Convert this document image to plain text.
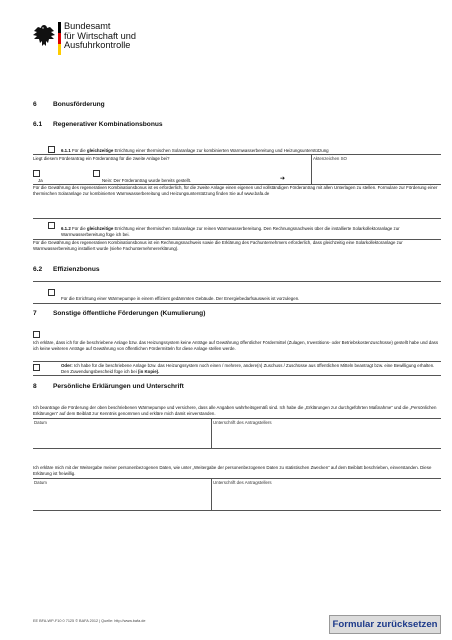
Bundesamt
für Wirtschaft und
Ausfuhrkontrolle
6 Bonusförderung
6.1 Regenerativer Kombinationsbonus
6.1.1 Für die gleichzeitige Errichtung einer thermischen Solaranlage zur kombinierten Warmwasserbereitung und Heizungsunterstützung
Liegt diesem Förderantrag ein Förderantrag für die zweite Anlage bei?	Aktenzeichen SO
Ja	Nein: Der Förderantrag wurde bereits gestellt.	➔
Für die Gewährung des regenerativen Kombinationsbonus ist es erforderlich, für die zweite Anlage einen eigenen und vollständigen Förderantrag mit allen Unterlagen zu stellen. Formulare zur Förderung einer thermischen Solaranlage zur kombinierten Warmwasserbereitung und Heizungsunterstützung finden Sie auf www.bafa.de
6.1.2 Für die gleichzeitige Errichtung einer thermischen Solaranlage zur reinen Warmwasserbereitung. Den Rechnungsnachweis über die installierte Solarkollektoranlage zur Warmwasserbereitung füge ich bei.
Für die Gewährung des regenerativen Kombinationsbonus ist ein Rechnungsnachweis sowie die Erklärung des Fachunternehmers erforderlich, dass gleichzeitig eine Solarkollektoranlage zur Warmwasserbereitung installiert wurde (siehe Fachunternehmererklärung).
6.2 Effizienzbonus
Für die Errichtung einer Wärmepumpe in einem effizient gedämmten Gebäude. Der Energiebedarfsausweis ist vorzulegen.
7 Sonstige öffentliche Förderungen (Kumulierung)
Ich erkläre, dass ich für die beschriebene Anlage bzw. das Heizungssystem keine Anträge auf Gewährung öffentlicher Fördermittel (Zulagen, Investitions- oder Betriebskostenzuschüsse) gestellt habe und dass ich keine weiteren Anträge auf Gewährung von öffentlichen Fördermitteln für diese Anlage stellen werde.
Oder: Ich habe für die beschriebene Anlage bzw. das Heizungssystem noch einen / mehrere, andere(n) Zuschuss / Zuschüsse aus öffentlichen Mitteln beantragt bzw. eine Bewilligung erhalten. Den Zuwendungsbescheid füge ich bei (in Kopie).
8 Persönliche Erklärungen und Unterschrift
Ich beantrage die Förderung der oben beschriebenen Wärmepumpe und versichere, dass alle Angaben wahrheitsgemäß sind. Ich habe die „Erklärungen zur durchgeführten Maßnahme“ und die „Persönlichen Erklärungen“ auf dem Beiblatt zur Kenntnis genommen und erkläre mich damit einverstanden.
Datum	Unterschrift des Antragstellers
Ich erkläre mich mit der Weitergabe meiner personenbezogenen Daten, wie unter „Weitergabe der personenbezogenen Daten zu statistischen Zwecken“ auf dem Beiblatt beschrieben, einverstanden. Diese Erklärung ist freiwillig.
Datum	Unterschrift des Antragstellers
EE BFA-WP-F10 0 7125 © BAFA 2012 | Quelle: http://www.bafa.de	Formular zurücksetzen
